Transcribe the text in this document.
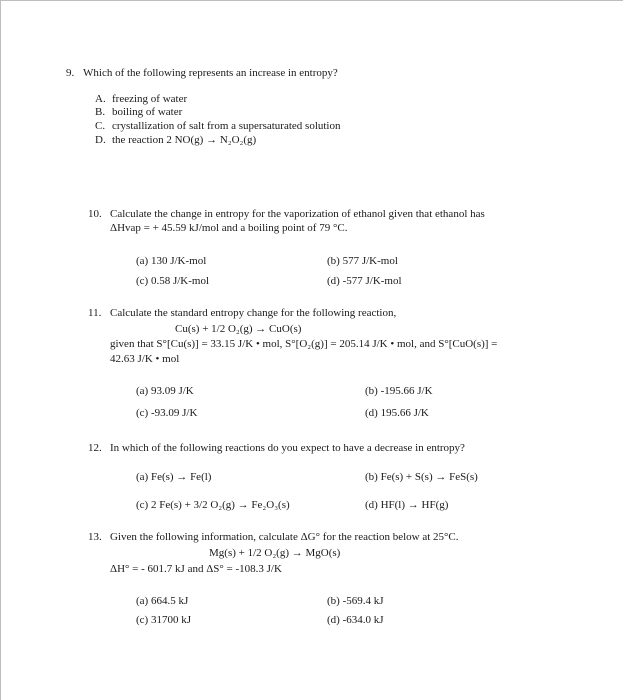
9. Which of the following represents an increase in entropy?
A. freezing of water
B. boiling of water
C. crystallization of salt from a supersaturated solution
D. the reaction 2 NO(g) → N₂O₂(g)
10. Calculate the change in entropy for the vaporization of ethanol given that ethanol has
ΔHvap = + 45.59 kJ/mol and a boiling point of 79 °C.
(a) 130 J/K-mol	(b) 577 J/K-mol
(c) 0.58 J/K-mol	(d) -577 J/K-mol
11. Calculate the standard entropy change for the following reaction,
Cu(s) + 1/2 O₂(g) → CuO(s)
given that S°[Cu(s)] = 33.15 J/K • mol, S°[O₂(g)] = 205.14 J/K • mol, and S°[CuO(s)] =
42.63 J/K • mol
(a) 93.09 J/K	(b) -195.66 J/K
(c) -93.09 J/K	(d) 195.66 J/K
12. In which of the following reactions do you expect to have a decrease in entropy?
(a) Fe(s) → Fe(l)	(b) Fe(s) + S(s) → FeS(s)
(c) 2 Fe(s) + 3/2 O₂(g) → Fe₂O₃(s)	(d) HF(l) → HF(g)
13. Given the following information, calculate ΔG° for the reaction below at 25°C.
Mg(s) + 1/2 O₂(g) → MgO(s)
ΔH° = - 601.7 kJ and ΔS° = -108.3 J/K
(a) 664.5 kJ	(b) -569.4 kJ
(c) 31700 kJ	(d) -634.0 kJ
